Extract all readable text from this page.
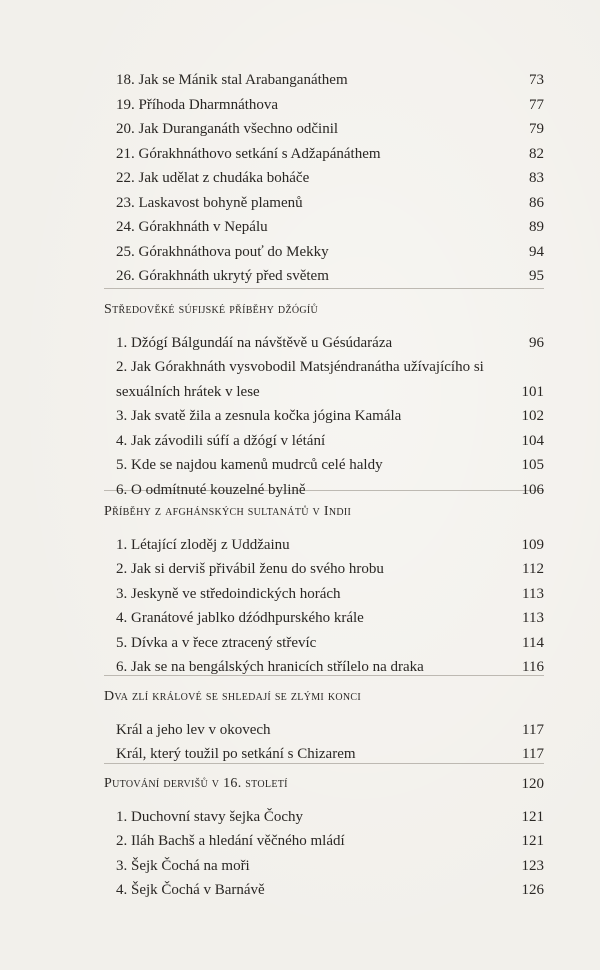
18. Jak se Mánik stal Arabanganáthem	73
19. Příhoda Dharmnáthova	77
20. Jak Duranganáth všechno odčinil	79
21. Górakhnáthovo setkání s Adžapánáthem	82
22. Jak udělat z chudáka boháče	83
23. Laskavost bohyně plamenů	86
24. Górakhnáth v Nepálu	89
25. Górakhnáthova pouť do Mekky	94
26. Górakhnáth ukrytý před světem	95
Středověké súfijské příběhy džógíů
1. Džógí Bálgundáí na návštěvě u Gésúdaráza	96
2. Jak Górakhnáth vysvobodil Matsjéndranátha užívajícího si
sexuálních hrátek v lese	101
3. Jak svatě žila a zesnula kočka jógina Kamála	102
4. Jak závodili súfí a džógí v létání	104
5. Kde se najdou kamenů mudrců celé haldy	105
6. O odmítnuté kouzelné bylině	106
Příběhy z afghánských sultanátů v Indii
1. Létající zloděj z Uddžainu	109
2. Jak si derviš přivábil ženu do svého hrobu	112
3. Jeskyně ve středoindických horách	113
4. Granátové jablko dźódhpurského krále	113
5. Dívka a v řece ztracený střevíc	114
6. Jak se na bengálských hranicích střílelo na draka	116
Dva zlí králové se shledají se zlými konci
Král a jeho lev v okovech	117
Král, který toužil po setkání s Chizarem	117
Putování dervišů v 16. století	120
1. Duchovní stavy šejka Čochy	121
2. Iláh Bachš a hledání věčného mládí	121
3. Šejk Čochá na moři	123
4. Šejk Čochá v Barnávě	126
